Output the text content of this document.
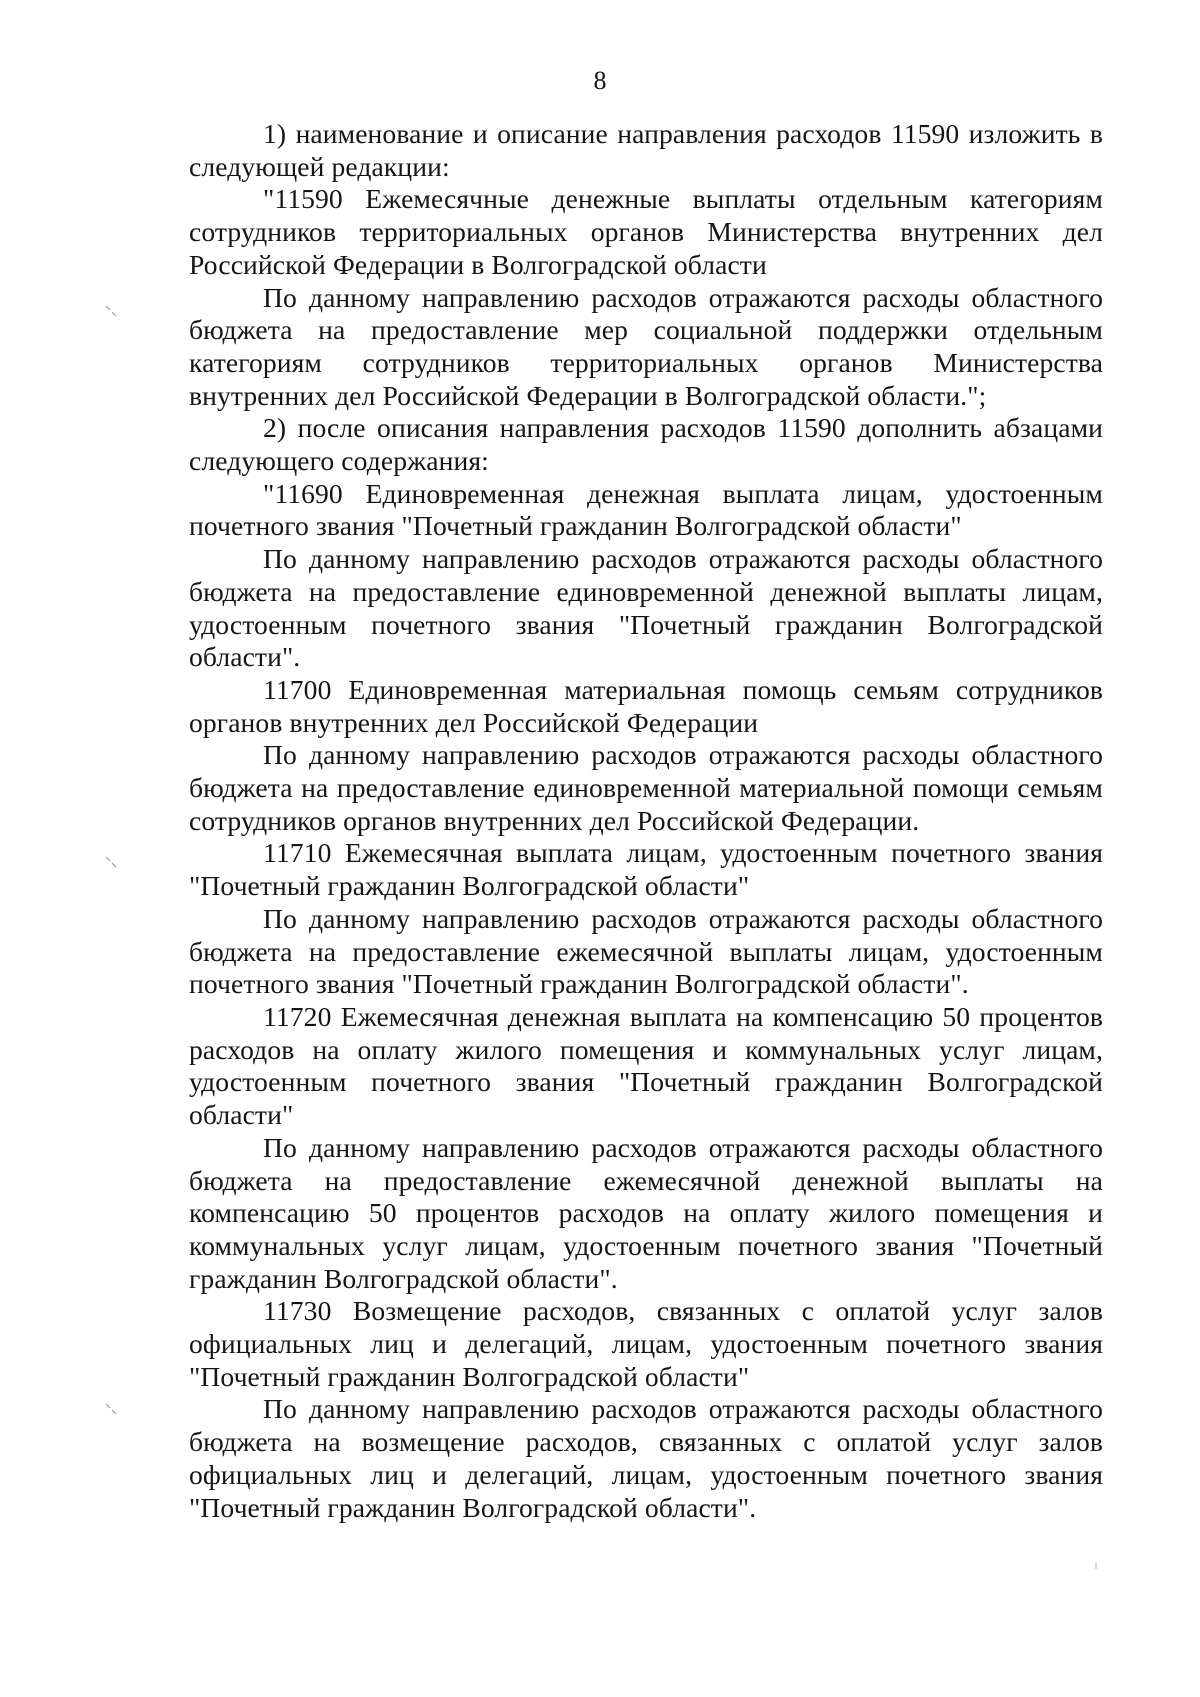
8

1) наименование и описание направления расходов 11590 изложить в следующей редакции:

"11590 Ежемесячные денежные выплаты отдельным категориям сотрудников территориальных органов Министерства внутренних дел Российской Федерации в Волгоградской области

По данному направлению расходов отражаются расходы областного бюджета на предоставление мер социальной поддержки отдельным категориям сотрудников территориальных органов Министерства внутренних дел Российской Федерации в Волгоградской области.";

2) после описания направления расходов 11590 дополнить абзацами следующего содержания:

"11690 Единовременная денежная выплата лицам, удостоенным почетного звания "Почетный гражданин Волгоградской области"

По данному направлению расходов отражаются расходы областного бюджета на предоставление единовременной денежной выплаты лицам, удостоенным почетного звания "Почетный гражданин Волгоградской области".

11700 Единовременная материальная помощь семьям сотрудников органов внутренних дел Российской Федерации

По данному направлению расходов отражаются расходы областного бюджета на предоставление единовременной материальной помощи семьям сотрудников органов внутренних дел Российской Федерации.

11710 Ежемесячная выплата лицам, удостоенным почетного звания "Почетный гражданин Волгоградской области"

По данному направлению расходов отражаются расходы областного бюджета на предоставление ежемесячной выплаты лицам, удостоенным почетного звания "Почетный гражданин Волгоградской области".

11720 Ежемесячная денежная выплата на компенсацию 50 процентов расходов на оплату жилого помещения и коммунальных услуг лицам, удостоенным почетного звания "Почетный гражданин Волгоградской области"

По данному направлению расходов отражаются расходы областного бюджета на предоставление ежемесячной денежной выплаты на компенсацию 50 процентов расходов на оплату жилого помещения и коммунальных услуг лицам, удостоенным почетного звания "Почетный гражданин Волгоградской области".

11730 Возмещение расходов, связанных с оплатой услуг залов официальных лиц и делегаций, лицам, удостоенным почетного звания "Почетный гражданин Волгоградской области"

По данному направлению расходов отражаются расходы областного бюджета на возмещение расходов, связанных с оплатой услуг залов официальных лиц и делегаций, лицам, удостоенным почетного звания "Почетный гражданин Волгоградской области".
